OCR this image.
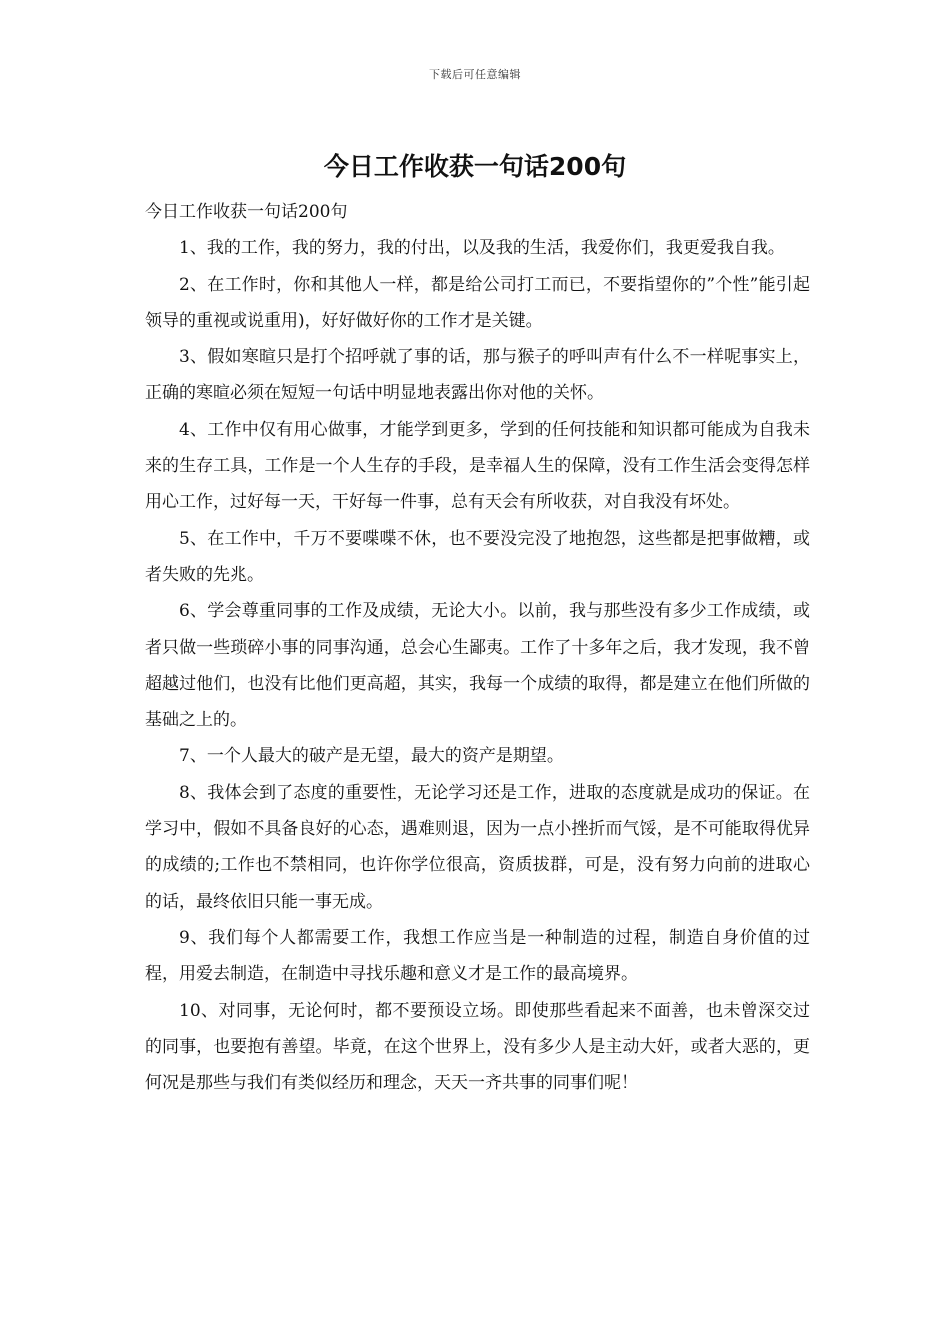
下载后可任意编辑
今日工作收获一句话200句

今日工作收获一句话200句

1、我的工作，我的努力，我的付出，以及我的生活，我爱你们，我更爱我自我。

2、在工作时，你和其他人一样，都是给公司打工而已，不要指望你的”个性”能引起领导的重视或说重用)，好好做好你的工作才是关键。

3、假如寒暄只是打个招呼就了事的话，那与猴子的呼叫声有什么不一样呢事实上，正确的寒暄必须在短短一句话中明显地表露出你对他的关怀。

4、工作中仅有用心做事，才能学到更多，学到的任何技能和知识都可能成为自我未来的生存工具，工作是一个人生存的手段，是幸福人生的保障，没有工作生活会变得怎样用心工作，过好每一天，干好每一件事，总有天会有所收获，对自我没有坏处。

5、在工作中，千万不要喋喋不休，也不要没完没了地抱怨，这些都是把事做糟，或者失败的先兆。

6、学会尊重同事的工作及成绩，无论大小。以前，我与那些没有多少工作成绩，或者只做一些琐碎小事的同事沟通，总会心生鄙夷。工作了十多年之后，我才发现，我不曾超越过他们，也没有比他们更高超，其实，我每一个成绩的取得，都是建立在他们所做的基础之上的。

7、一个人最大的破产是无望，最大的资产是期望。

8、我体会到了态度的重要性，无论学习还是工作，进取的态度就是成功的保证。在学习中，假如不具备良好的心态，遇难则退，因为一点小挫折而气馁，是不可能取得优异的成绩的;工作也不禁相同，也许你学位很高，资质拔群，可是，没有努力向前的进取心的话，最终依旧只能一事无成。

9、我们每个人都需要工作，我想工作应当是一种制造的过程，制造自身价值的过程，用爱去制造，在制造中寻找乐趣和意义才是工作的最高境界。

10、对同事，无论何时，都不要预设立场。即使那些看起来不面善，也未曾深交过的同事，也要抱有善望。毕竟，在这个世界上，没有多少人是主动大奸，或者大恶的，更何况是那些与我们有类似经历和理念，天天一齐共事的同事们呢！
